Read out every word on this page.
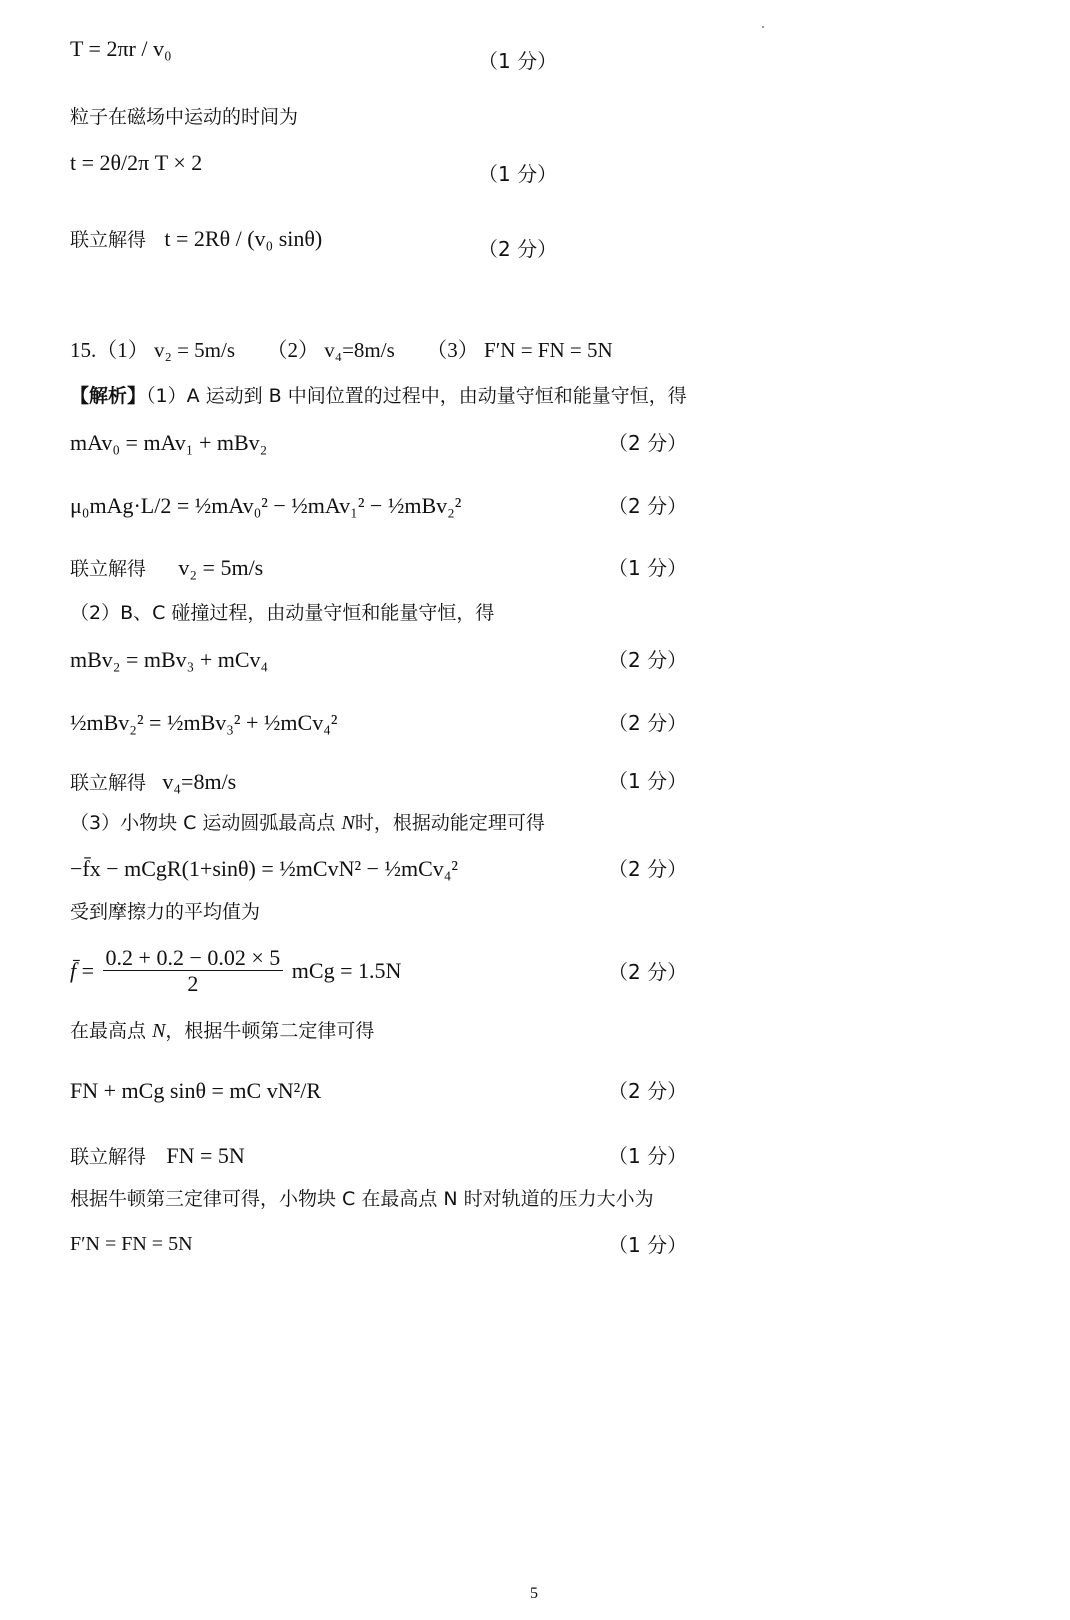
T = 2πr / v₀	（1 分）
粒子在磁场中运动的时间为
t = 2θ/2π T × 2	（1 分）
联立解得 t = 2Rθ / (v₀ sinθ)	（2 分）
15.（1） v₂ = 5m/s　　（2） v₄=8m/s　　（3） F′N = FN = 5N
【解析】（1）A 运动到 B 中间位置的过程中，由动量守恒和能量守恒，得
mAv₀ = mAv₁ + mBv₂	（2 分）
μ₀mAg·L/2 = ½mAv₀² − ½mAv₁² − ½mBv₂²	（2 分）
联立解得 v₂ = 5m/s	（1 分）
（2）B、C 碰撞过程，由动量守恒和能量守恒，得
mBv₂ = mBv₃ + mCv₄	（2 分）
½mBv₂² = ½mBv₃² + ½mCv₄²	（2 分）
联立解得 v₄=8m/s	（1 分）
（3）小物块 C 运动圆弧最高点 N时，根据动能定理可得
−f̄x − mCgR(1+sinθ) = ½mCvN² − ½mCv₄²	（2 分）
受到摩擦力的平均值为
f̄ = $\frac{0.2 + 0.2 - 0.02 \times 5}{2}$ mCg = 1.5N	（2 分）
在最高点 N，根据牛顿第二定律可得
FN + mCg sinθ = mC vN²/R	（2 分）
联立解得 FN = 5N	（1 分）
根据牛顿第三定律可得，小物块 C 在最高点 N 时对轨道的压力大小为
F′N = FN = 5N	（1 分）
5
